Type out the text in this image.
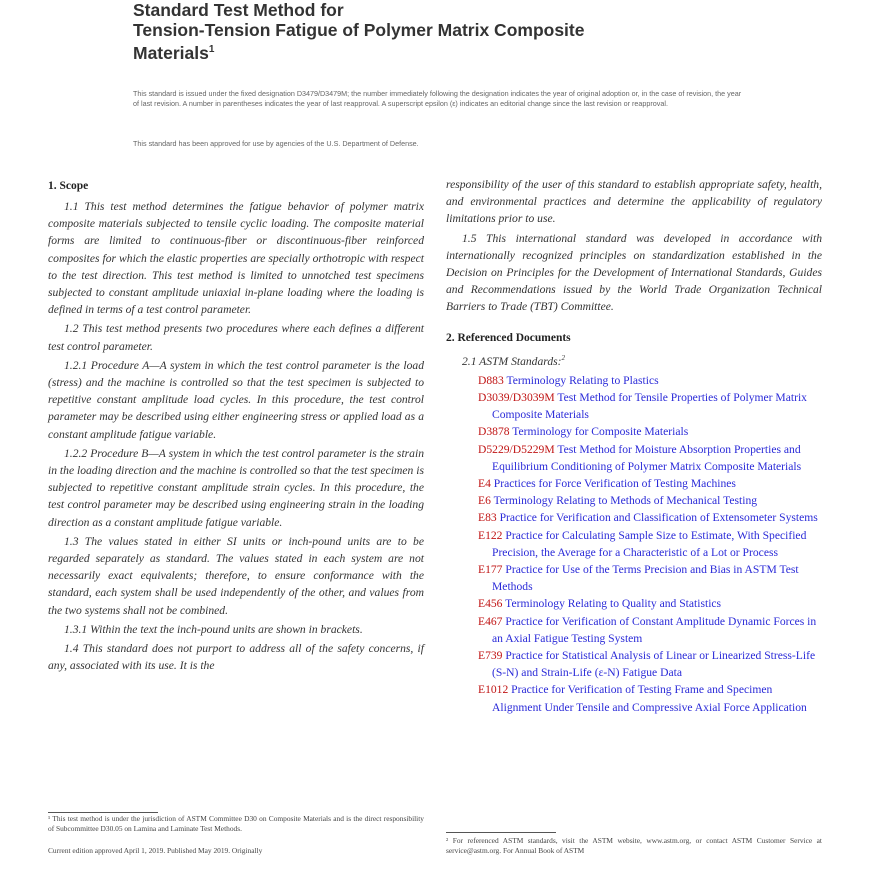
Standard Test Method for
Tension-Tension Fatigue of Polymer Matrix Composite
Materials$^1$
This standard is issued under the fixed designation D3479/D3479M; the number immediately following the designation indicates the year of original adoption or, in the case of revision, the year of last revision. A number in parentheses indicates the year of last reapproval. A superscript epsilon (ε) indicates an editorial change since the last revision or reapproval.
This standard has been approved for use by agencies of the U.S. Department of Defense.
1. Scope

1.1 This test method determines the fatigue behavior of polymer matrix composite materials subjected to tensile cyclic loading. The composite material forms are limited to continuous-fiber or discontinuous-fiber reinforced composites for which the elastic properties are specially orthotropic with respect to the test direction. This test method is limited to unnotched test specimens subjected to constant amplitude uniaxial in-plane loading where the loading is defined in terms of a test control parameter.

1.2 This test method presents two procedures where each defines a different test control parameter.

1.2.1 Procedure A—A system in which the test control parameter is the load (stress) and the machine is controlled so that the test specimen is subjected to repetitive constant amplitude load cycles. In this procedure, the test control parameter may be described using either engineering stress or applied load as a constant amplitude fatigue variable.

1.2.2 Procedure B—A system in which the test control parameter is the strain in the loading direction and the machine is controlled so that the test specimen is subjected to repetitive constant amplitude strain cycles. In this procedure, the test control parameter may be described using engineering strain in the loading direction as a constant amplitude fatigue variable.

1.3 The values stated in either SI units or inch-pound units are to be regarded separately as standard. The values stated in each system are not necessarily exact equivalents; therefore, to ensure conformance with the standard, each system shall be used independently of the other, and values from the two systems shall not be combined.

1.3.1 Within the text the inch-pound units are shown in brackets.

1.4 This standard does not purport to address all of the safety concerns, if any, associated with its use. It is the

responsibility of the user of this standard to establish appropriate safety, health, and environmental practices and determine the applicability of regulatory limitations prior to use.

1.5 This international standard was developed in accordance with internationally recognized principles on standardization established in the Decision on Principles for the Development of International Standards, Guides and Recommendations issued by the World Trade Organization Technical Barriers to Trade (TBT) Committee.

2. Referenced Documents
2.1 ASTM Standards:$^2$
D883 Terminology Relating to Plastics
D3039/D3039M Test Method for Tensile Properties of Polymer Matrix Composite Materials
D3878 Terminology for Composite Materials
D5229/D5229M Test Method for Moisture Absorption Properties and Equilibrium Conditioning of Polymer Matrix Composite Materials
E4 Practices for Force Verification of Testing Machines
E6 Terminology Relating to Methods of Mechanical Testing
E83 Practice for Verification and Classification of Extensometer Systems
E122 Practice for Calculating Sample Size to Estimate, With Specified Precision, the Average for a Characteristic of a Lot or Process
E177 Practice for Use of the Terms Precision and Bias in ASTM Test Methods
E456 Terminology Relating to Quality and Statistics
E467 Practice for Verification of Constant Amplitude Dynamic Forces in an Axial Fatigue Testing System
E739 Practice for Statistical Analysis of Linear or Linearized Stress-Life (S-N) and Strain-Life (ε-N) Fatigue Data
E1012 Practice for Verification of Testing Frame and Specimen Alignment Under Tensile and Compressive Axial Force Application
¹ This test method is under the jurisdiction of ASTM Committee D30 on Composite Materials and is the direct responsibility of Subcommittee D30.05 on Lamina and Laminate Test Methods.
Current edition approved April 1, 2019. Published May 2019. Originally
² For referenced ASTM standards, visit the ASTM website, www.astm.org, or contact ASTM Customer Service at service@astm.org. For Annual Book of ASTM
